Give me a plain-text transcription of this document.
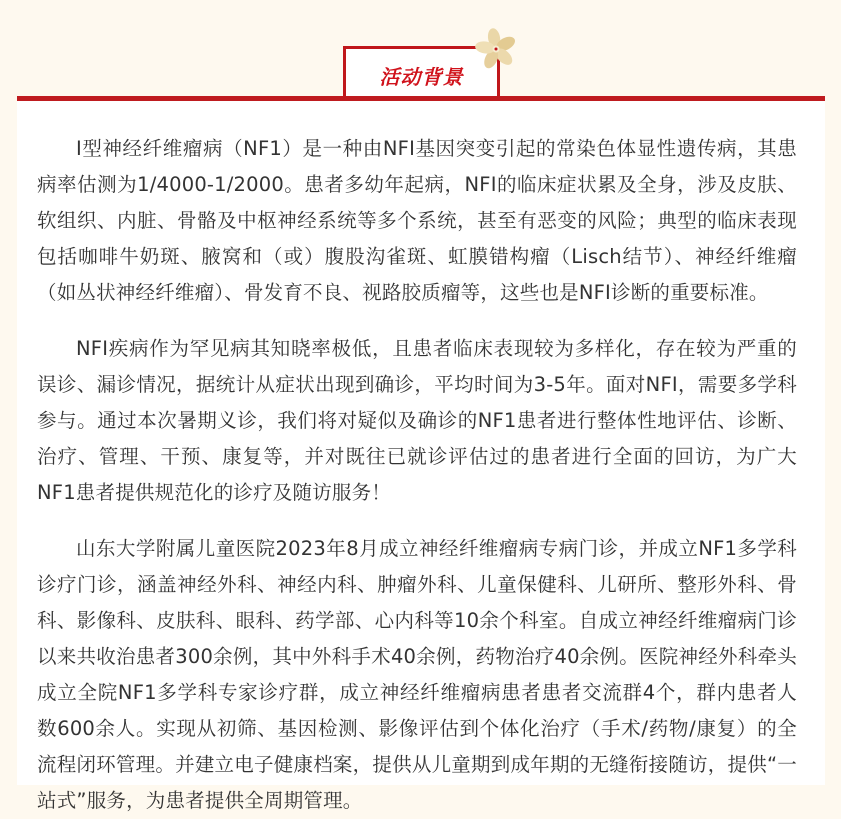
活动背景

Ⅰ型神经纤维瘤病（NF1）是一种由NFI基因突变引起的常染色体显性遗传病，其患病率估测为1/4000-1/2000。患者多幼年起病，NFI的临床症状累及全身，涉及皮肤、软组织、内脏、骨骼及中枢神经系统等多个系统，甚至有恶变的风险；典型的临床表现包括咖啡牛奶斑、腋窝和（或）腹股沟雀斑、虹膜错构瘤（Lisch结节）、神经纤维瘤（如丛状神经纤维瘤）、骨发育不良、视路胶质瘤等，这些也是NFI诊断的重要标准。

NFI疾病作为罕见病其知晓率极低，且患者临床表现较为多样化，存在较为严重的误诊、漏诊情况，据统计从症状出现到确诊，平均时间为3-5年。面对NFI，需要多学科参与。通过本次暑期义诊，我们将对疑似及确诊的NF1患者进行整体性地评估、诊断、治疗、管理、干预、康复等，并对既往已就诊评估过的患者进行全面的回访，为广大NF1患者提供规范化的诊疗及随访服务！

山东大学附属儿童医院2023年8月成立神经纤维瘤病专病门诊，并成立NF1多学科诊疗门诊，涵盖神经外科、神经内科、肿瘤外科、儿童保健科、儿研所、整形外科、骨科、影像科、皮肤科、眼科、药学部、心内科等10余个科室。自成立神经纤维瘤病门诊以来共收治患者300余例，其中外科手术40余例，药物治疗40余例。医院神经外科牵头成立全院NF1多学科专家诊疗群，成立神经纤维瘤病患者患者交流群4个，群内患者人数600余人。实现从初筛、基因检测、影像评估到个体化治疗（手术/药物/康复）的全流程闭环管理。并建立电子健康档案，提供从儿童期到成年期的无缝衔接随访，提供“一站式”服务，为患者提供全周期管理。
